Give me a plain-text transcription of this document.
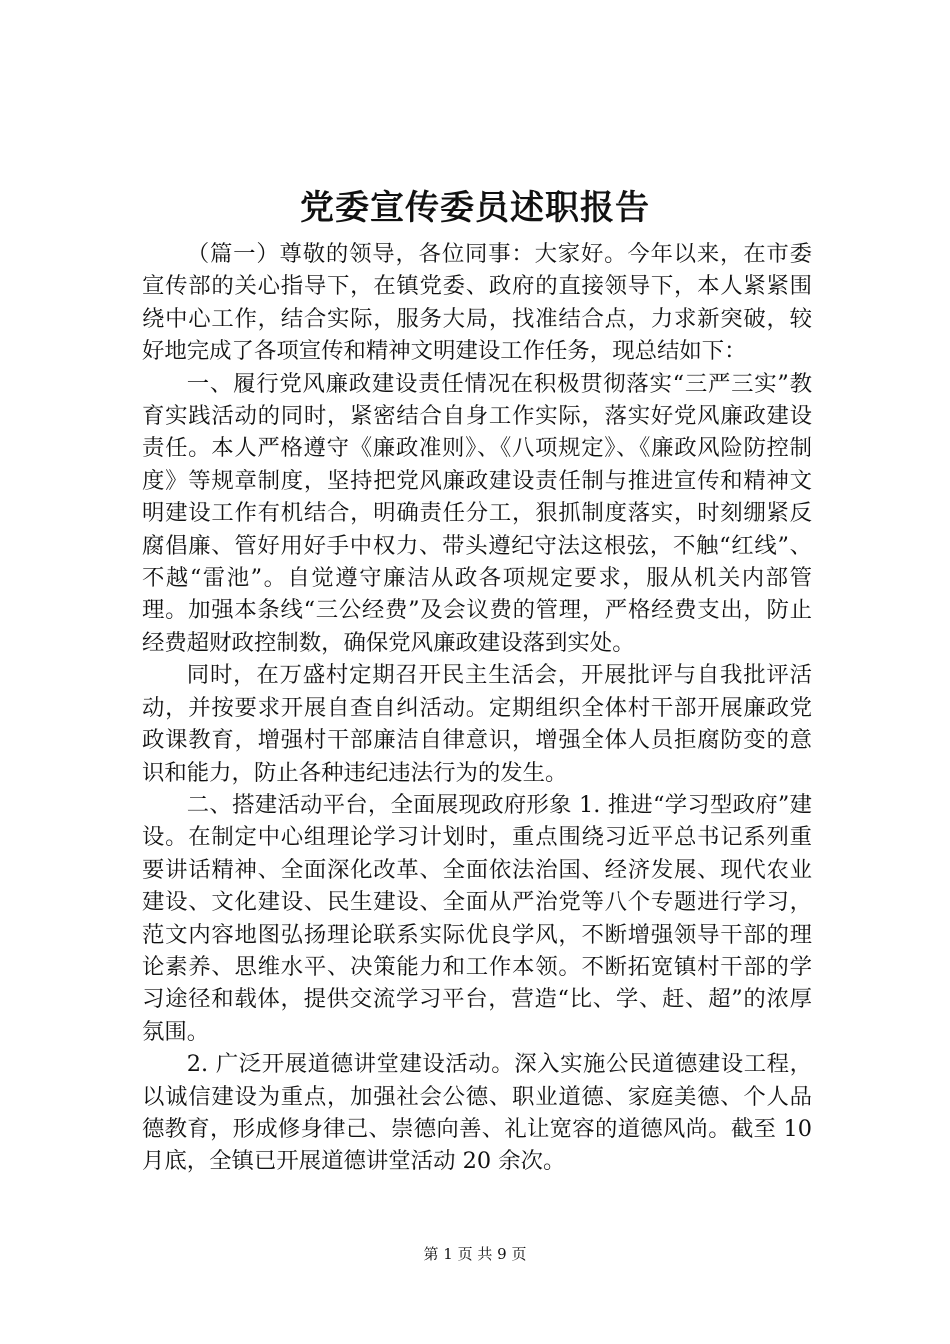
党委宣传委员述职报告

（篇一）尊敬的领导，各位同事：大家好。今年以来，在市委宣传部的关心指导下，在镇党委、政府的直接领导下，本人紧紧围绕中心工作，结合实际，服务大局，找准结合点，力求新突破，较好地完成了各项宣传和精神文明建设工作任务，现总结如下：

一、履行党风廉政建设责任情况在积极贯彻落实“三严三实”教育实践活动的同时，紧密结合自身工作实际，落实好党风廉政建设责任。本人严格遵守《廉政准则》、《八项规定》、《廉政风险防控制度》等规章制度，坚持把党风廉政建设责任制与推进宣传和精神文明建设工作有机结合，明确责任分工，狠抓制度落实，时刻绷紧反腐倡廉、管好用好手中权力、带头遵纪守法这根弦，不触“红线”、不越“雷池”。自觉遵守廉洁从政各项规定要求，服从机关内部管理。加强本条线“三公经费”及会议费的管理，严格经费支出，防止经费超财政控制数，确保党风廉政建设落到实处。

同时，在万盛村定期召开民主生活会，开展批评与自我批评活动，并按要求开展自查自纠活动。定期组织全体村干部开展廉政党政课教育，增强村干部廉洁自律意识，增强全体人员拒腐防变的意识和能力，防止各种违纪违法行为的发生。

二、搭建活动平台，全面展现政府形象 1. 推进“学习型政府”建设。在制定中心组理论学习计划时，重点围绕习近平总书记系列重要讲话精神、全面深化改革、全面依法治国、经济发展、现代农业建设、文化建设、民生建设、全面从严治党等八个专题进行学习，范文内容地图弘扬理论联系实际优良学风，不断增强领导干部的理论素养、思维水平、决策能力和工作本领。不断拓宽镇村干部的学习途径和载体，提供交流学习平台，营造“比、学、赶、超”的浓厚氛围。

2. 广泛开展道德讲堂建设活动。深入实施公民道德建设工程，以诚信建设为重点，加强社会公德、职业道德、家庭美德、个人品德教育，形成修身律己、崇德向善、礼让宽容的道德风尚。截至 10 月底，全镇已开展道德讲堂活动 20 余次。

第 1 页 共 9 页
